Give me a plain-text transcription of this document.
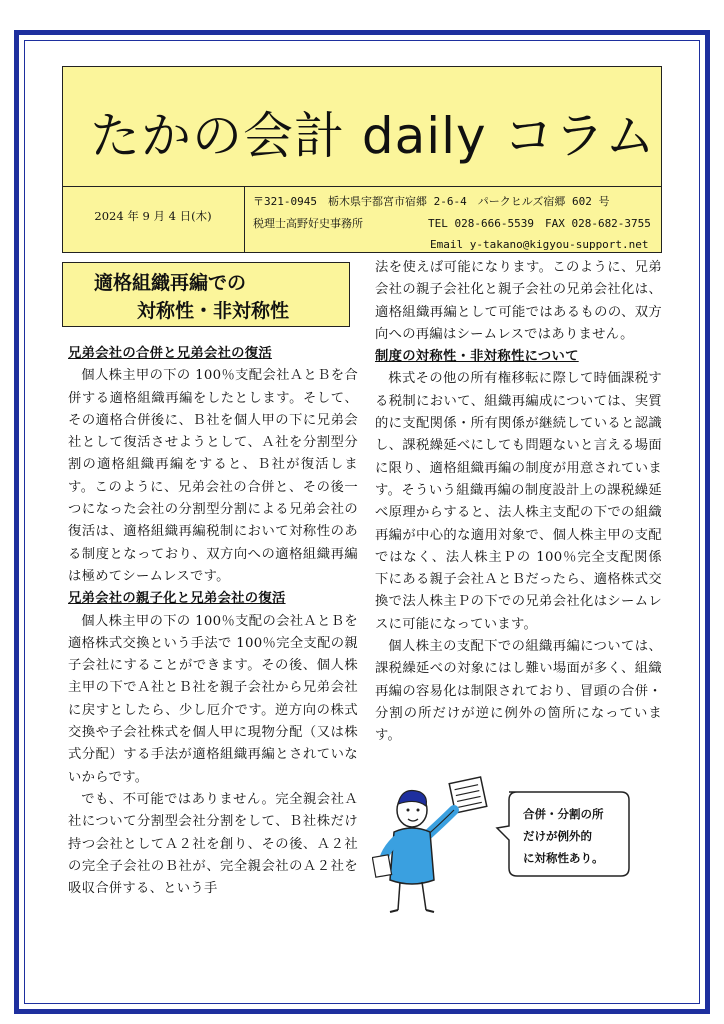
たかの会計 daily コラム
2024 年 9 月 4 日(木)
〒321-0945　栃木県宇都宮市宿郷 2-6-4　パークヒルズ宿郷 602 号
税理士高野好史事務所	TEL 028-666-5539　FAX 028-682-3755
Email y-takano@kigyou-support.net
適格組織再編での
対称性・非対称性
兄弟会社の合併と兄弟会社の復活

個人株主甲の下の 100％支配会社ＡとＢを合併する適格組織再編をしたとします。そして、その適格合併後に、Ｂ社を個人甲の下に兄弟会社として復活させようとして、Ａ社を分割型分割の適格組織再編をすると、Ｂ社が復活します。このように、兄弟会社の合併と、その後一つになった会社の分割型分割による兄弟会社の復活は、適格組織再編税制において対称性のある制度となっており、双方向への適格組織再編は極めてシームレスです。

兄弟会社の親子化と兄弟会社の復活

個人株主甲の下の 100％支配の会社ＡとＢを適格株式交換という手法で 100％完全支配の親子会社にすることができます。その後、個人株主甲の下でＡ社とＢ社を親子会社から兄弟会社に戻すとしたら、少し厄介です。逆方向の株式交換や子会社株式を個人甲に現物分配（又は株式分配）する手法が適格組織再編とされていないからです。

でも、不可能ではありません。完全親会社Ａ社について分割型会社分割をして、Ｂ社株だけ持つ会社としてＡ２社を創り、その後、Ａ２社の完全子会社のＢ社が、完全親会社のＡ２社を吸収合併する、という手

法を使えば可能になります。このように、兄弟会社の親子会社化と親子会社の兄弟会社化は、適格組織再編として可能ではあるものの、双方向への再編はシームレスではありません。

制度の対称性・非対称性について

株式その他の所有権移転に際して時価課税する税制において、組織再編成については、実質的に支配関係・所有関係が継続していると認識し、課税繰延べにしても問題ないと言える場面に限り、適格組織再編の制度が用意されています。そういう組織再編の制度設計上の課税繰延べ原理からすると、法人株主支配の下での組織再編が中心的な適用対象で、個人株主甲の支配ではなく、法人株主Ｐの 100％完全支配関係下にある親子会社ＡとＢだったら、適格株式交換で法人株主Ｐの下での兄弟会社化はシームレスに可能になっています。

個人株主の支配下での組織再編については、課税繰延べの対象にはし難い場面が多く、組織再編の容易化は制限されており、冒頭の合併・分割の所だけが逆に例外の箇所になっています。

合併・分割の所
だけが例外的
に対称性あり。
